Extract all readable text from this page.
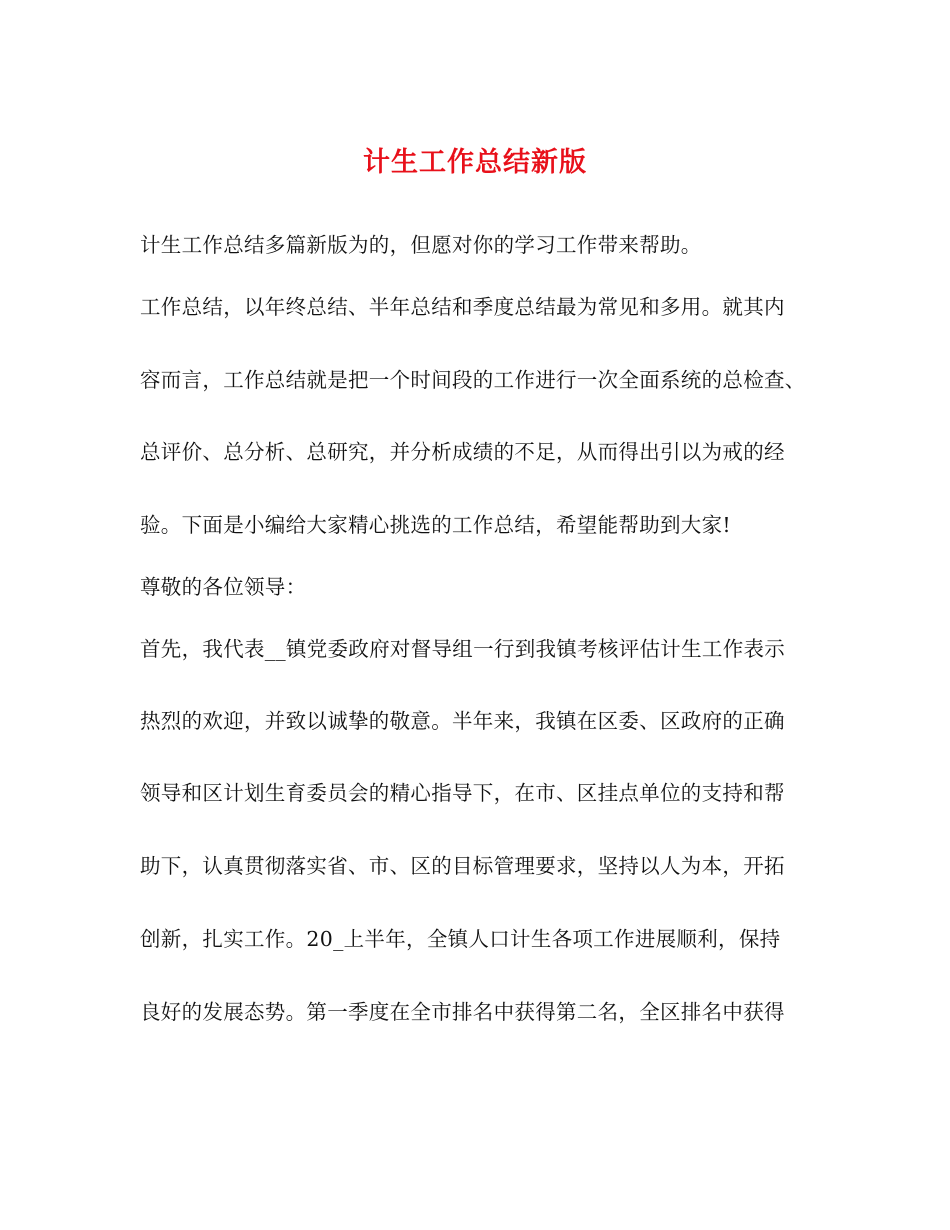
计生工作总结新版
计生工作总结多篇新版为的，但愿对你的学习工作带来帮助。
工作总结，以年终总结、半年总结和季度总结最为常见和多用。就其内
容而言，工作总结就是把一个时间段的工作进行一次全面系统的总检查、
总评价、总分析、总研究，并分析成绩的不足，从而得出引以为戒的经
验。下面是小编给大家精心挑选的工作总结，希望能帮助到大家!
尊敬的各位领导：
首先，我代表__镇党委政府对督导组一行到我镇考核评估计生工作表示
热烈的欢迎，并致以诚挚的敬意。半年来，我镇在区委、区政府的正确
领导和区计划生育委员会的精心指导下，在市、区挂点单位的支持和帮
助下，认真贯彻落实省、市、区的目标管理要求，坚持以人为本，开拓
创新，扎实工作。20_上半年，全镇人口计生各项工作进展顺利，保持
良好的发展态势。第一季度在全市排名中获得第二名，全区排名中获得
